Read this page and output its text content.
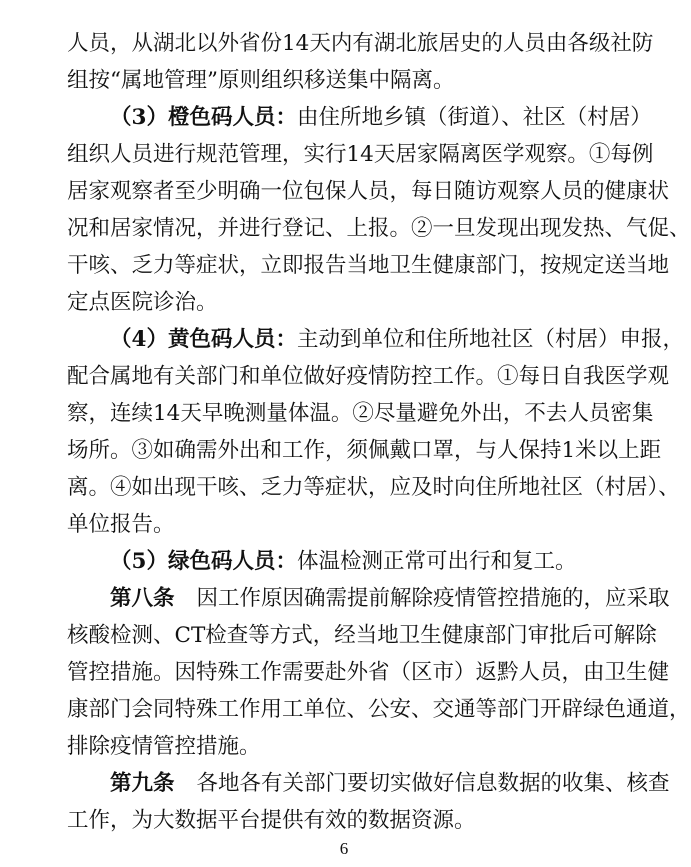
人员，从湖北以外省份14天内有湖北旅居史的人员由各级社防
组按“属地管理”原则组织移送集中隔离。
（3）橙色码人员：由住所地乡镇（街道）、社区（村居）
组织人员进行规范管理，实行14天居家隔离医学观察。①每例
居家观察者至少明确一位包保人员，每日随访观察人员的健康状
况和居家情况，并进行登记、上报。②一旦发现出现发热、气促、
干咳、乏力等症状，立即报告当地卫生健康部门，按规定送当地
定点医院诊治。
（4）黄色码人员：主动到单位和住所地社区（村居）申报，
配合属地有关部门和单位做好疫情防控工作。①每日自我医学观
察，连续14天早晚测量体温。②尽量避免外出，不去人员密集
场所。③如确需外出和工作，须佩戴口罩，与人保持1米以上距
离。④如出现干咳、乏力等症状，应及时向住所地社区（村居）、
单位报告。
（5）绿色码人员：体温检测正常可出行和复工。
第八条 因工作原因确需提前解除疫情管控措施的，应采取
核酸检测、CT检查等方式，经当地卫生健康部门审批后可解除
管控措施。因特殊工作需要赴外省（区市）返黔人员，由卫生健
康部门会同特殊工作用工单位、公安、交通等部门开辟绿色通道，
排除疫情管控措施。
第九条 各地各有关部门要切实做好信息数据的收集、核查
工作，为大数据平台提供有效的数据资源。
6
